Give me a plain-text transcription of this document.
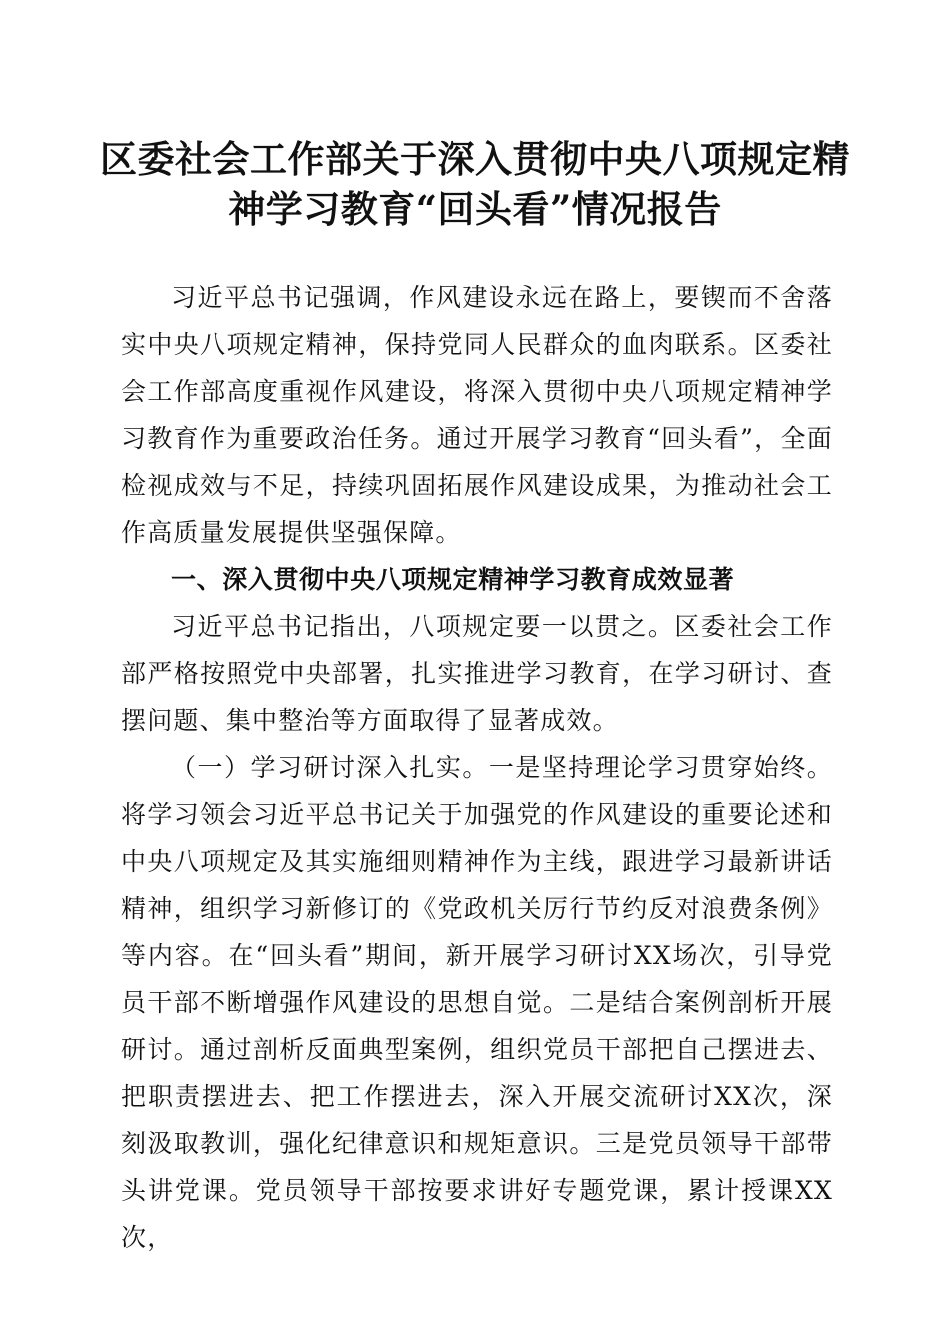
区委社会工作部关于深入贯彻中央八项规定精神学习教育“回头看”情况报告

习近平总书记强调，作风建设永远在路上，要锲而不舍落实中央八项规定精神，保持党同人民群众的血肉联系。区委社会工作部高度重视作风建设，将深入贯彻中央八项规定精神学习教育作为重要政治任务。通过开展学习教育“回头看”，全面检视成效与不足，持续巩固拓展作风建设成果，为推动社会工作高质量发展提供坚强保障。

一、深入贯彻中央八项规定精神学习教育成效显著

习近平总书记指出，八项规定要一以贯之。区委社会工作部严格按照党中央部署，扎实推进学习教育，在学习研讨、查摆问题、集中整治等方面取得了显著成效。

（一）学习研讨深入扎实。一是坚持理论学习贯穿始终。将学习领会习近平总书记关于加强党的作风建设的重要论述和中央八项规定及其实施细则精神作为主线，跟进学习最新讲话精神，组织学习新修订的《党政机关厉行节约反对浪费条例》等内容。在“回头看”期间，新开展学习研讨XX场次，引导党员干部不断增强作风建设的思想自觉。二是结合案例剖析开展研讨。通过剖析反面典型案例，组织党员干部把自己摆进去、把职责摆进去、把工作摆进去，深入开展交流研讨XX次，深刻汲取教训，强化纪律意识和规矩意识。三是党员领导干部带头讲党课。党员领导干部按要求讲好专题党课，累计授课XX次，
